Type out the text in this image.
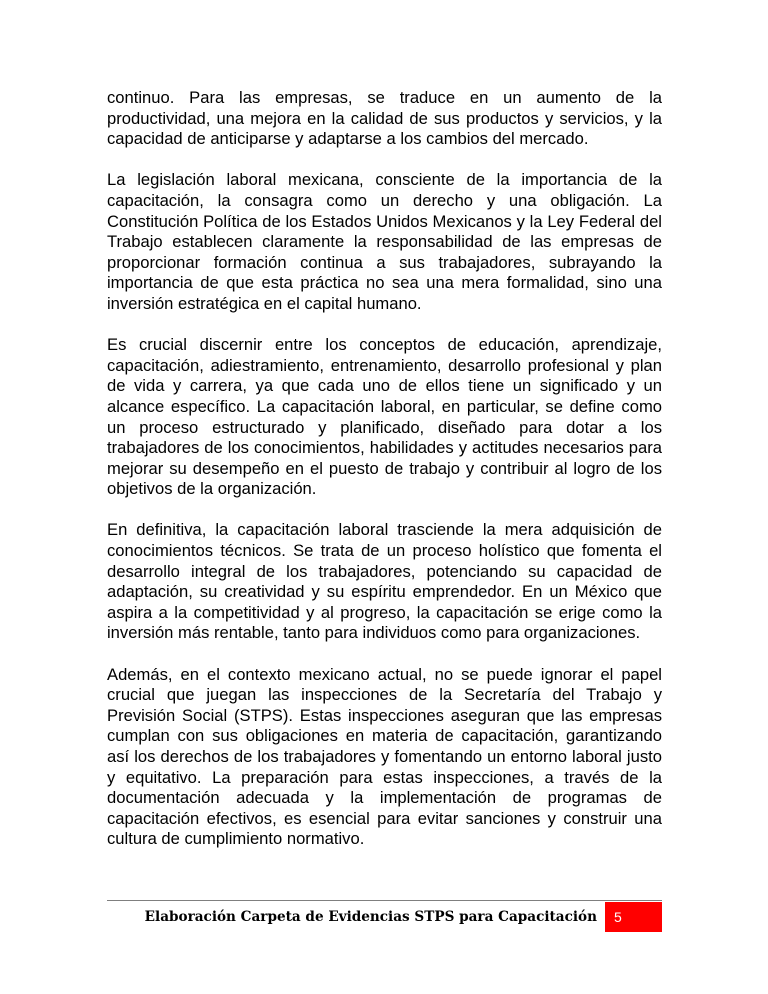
continuo. Para las empresas, se traduce en un aumento de la productividad, una mejora en la calidad de sus productos y servicios, y la capacidad de anticiparse y adaptarse a los cambios del mercado.

La legislación laboral mexicana, consciente de la importancia de la capacitación, la consagra como un derecho y una obligación. La Constitución Política de los Estados Unidos Mexicanos y la Ley Federal del Trabajo establecen claramente la responsabilidad de las empresas de proporcionar formación continua a sus trabajadores, subrayando la importancia de que esta práctica no sea una mera formalidad, sino una inversión estratégica en el capital humano.

Es crucial discernir entre los conceptos de educación, aprendizaje, capacitación, adiestramiento, entrenamiento, desarrollo profesional y plan de vida y carrera, ya que cada uno de ellos tiene un significado y un alcance específico. La capacitación laboral, en particular, se define como un proceso estructurado y planificado, diseñado para dotar a los trabajadores de los conocimientos, habilidades y actitudes necesarios para mejorar su desempeño en el puesto de trabajo y contribuir al logro de los objetivos de la organización.

En definitiva, la capacitación laboral trasciende la mera adquisición de conocimientos técnicos. Se trata de un proceso holístico que fomenta el desarrollo integral de los trabajadores, potenciando su capacidad de adaptación, su creatividad y su espíritu emprendedor. En un México que aspira a la competitividad y al progreso, la capacitación se erige como la inversión más rentable, tanto para individuos como para organizaciones.

Además, en el contexto mexicano actual, no se puede ignorar el papel crucial que juegan las inspecciones de la Secretaría del Trabajo y Previsión Social (STPS). Estas inspecciones aseguran que las empresas cumplan con sus obligaciones en materia de capacitación, garantizando así los derechos de los trabajadores y fomentando un entorno laboral justo y equitativo. La preparación para estas inspecciones, a través de la documentación adecuada y la implementación de programas de capacitación efectivos, es esencial para evitar sanciones y construir una cultura de cumplimiento normativo.

Elaboración Carpeta de Evidencias STPS para Capacitación	5
